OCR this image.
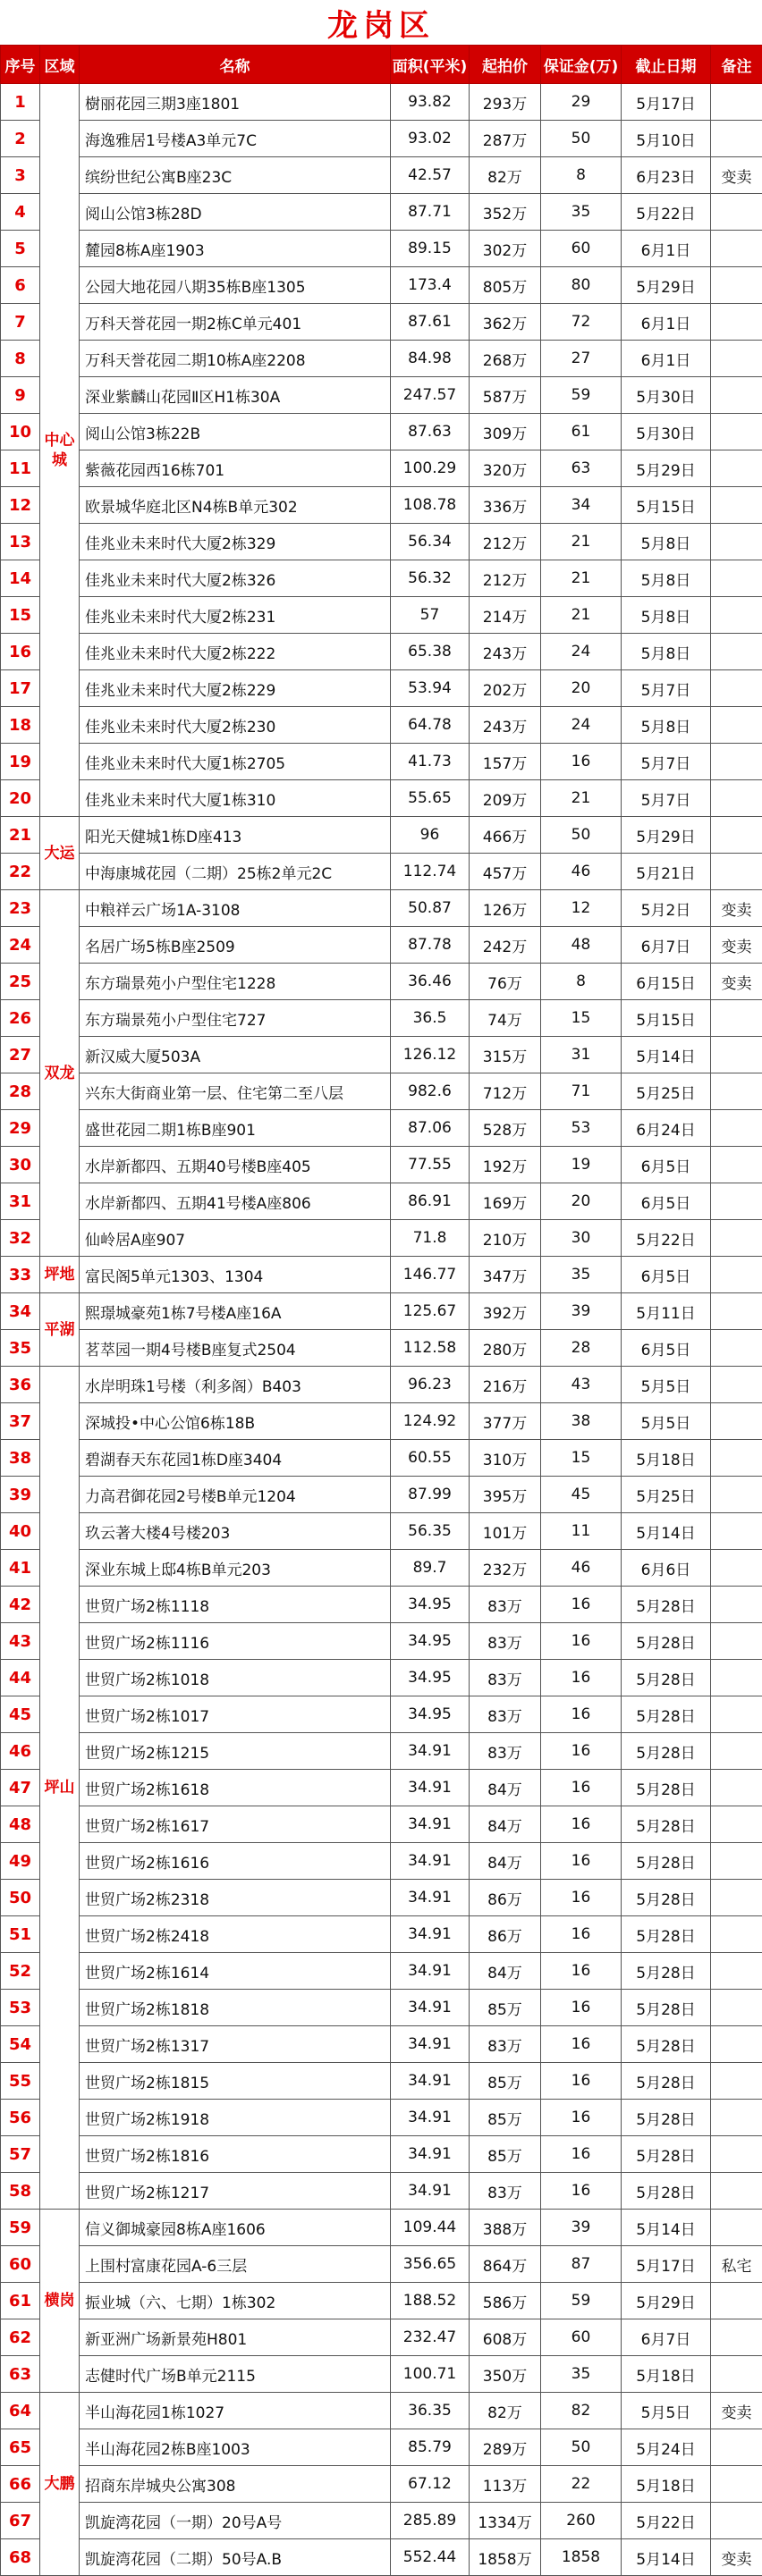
龙岗区
序号	区域	名称	面积(平米)	起拍价	保证金(万)	截止日期	备注
1	中心城	樹丽花园三期3座1801	93.82	293万	29	5月17日	
2		海逸雅居1号楼A3单元7C	93.02	287万	50	5月10日	
3		缤纷世纪公寓B座23C	42.57	82万	8	6月23日	变卖
4		阅山公馆3栋28D	87.71	352万	35	5月22日	
5		麓园8栋A座1903	89.15	302万	60	6月1日	
6		公园大地花园八期35栋B座1305	173.4	805万	80	5月29日	
7		万科天誉花园一期2栋C单元401	87.61	362万	72	6月1日	
8		万科天誉花园二期10栋A座2208	84.98	268万	27	6月1日	
9		深业紫麟山花园Ⅱ区H1栋30A	247.57	587万	59	5月30日	
10		阅山公馆3栋22B	87.63	309万	61	5月30日	
11		紫薇花园西16栋701	100.29	320万	63	5月29日	
12		欧景城华庭北区N4栋B单元302	108.78	336万	34	5月15日	
13		佳兆业未来时代大厦2栋329	56.34	212万	21	5月8日	
14		佳兆业未来时代大厦2栋326	56.32	212万	21	5月8日	
15		佳兆业未来时代大厦2栋231	57	214万	21	5月8日	
16		佳兆业未来时代大厦2栋222	65.38	243万	24	5月8日	
17		佳兆业未来时代大厦2栋229	53.94	202万	20	5月7日	
18		佳兆业未来时代大厦2栋230	64.78	243万	24	5月8日	
19		佳兆业未来时代大厦1栋2705	41.73	157万	16	5月7日	
20		佳兆业未来时代大厦1栋310	55.65	209万	21	5月7日	
21	大运	阳光天健城1栋D座413	96	466万	50	5月29日	
22		中海康城花园（二期）25栋2单元2C	112.74	457万	46	5月21日	
23	双龙	中粮祥云广场1A-3108	50.87	126万	12	5月2日	变卖
24		名居广场5栋B座2509	87.78	242万	48	6月7日	变卖
25		东方瑞景苑小户型住宅1228	36.46	76万	8	6月15日	变卖
26		东方瑞景苑小户型住宅727	36.5	74万	15	5月15日	
27		新汉威大厦503A	126.12	315万	31	5月14日	
28		兴东大街商业第一层、住宅第二至八层	982.6	712万	71	5月25日	
29		盛世花园二期1栋B座901	87.06	528万	53	6月24日	
30		水岸新都四、五期40号楼B座405	77.55	192万	19	6月5日	
31		水岸新都四、五期41号楼A座806	86.91	169万	20	6月5日	
32		仙岭居A座907	71.8	210万	30	5月22日	
33	坪地	富民阁5单元1303、1304	146.77	347万	35	6月5日	
34	平湖	熙璟城豪苑1栋7号楼A座16A	125.67	392万	39	5月11日	
35		茗萃园一期4号楼B座复式2504	112.58	280万	28	6月5日	
36	坪山	水岸明珠1号楼（利多阁）B403	96.23	216万	43	5月5日	
37		深城投•中心公馆6栋18B	124.92	377万	38	5月5日	
38		碧湖春天东花园1栋D座3404	60.55	310万	15	5月18日	
39		力高君御花园2号楼B单元1204	87.99	395万	45	5月25日	
40		玖云著大楼4号楼203	56.35	101万	11	5月14日	
41		深业东城上邸4栋B单元203	89.7	232万	46	6月6日	
42		世贸广场2栋1118	34.95	83万	16	5月28日	
43		世贸广场2栋1116	34.95	83万	16	5月28日	
44		世贸广场2栋1018	34.95	83万	16	5月28日	
45		世贸广场2栋1017	34.95	83万	16	5月28日	
46		世贸广场2栋1215	34.91	83万	16	5月28日	
47		世贸广场2栋1618	34.91	84万	16	5月28日	
48		世贸广场2栋1617	34.91	84万	16	5月28日	
49		世贸广场2栋1616	34.91	84万	16	5月28日	
50		世贸广场2栋2318	34.91	86万	16	5月28日	
51		世贸广场2栋2418	34.91	86万	16	5月28日	
52		世贸广场2栋1614	34.91	84万	16	5月28日	
53		世贸广场2栋1818	34.91	85万	16	5月28日	
54		世贸广场2栋1317	34.91	83万	16	5月28日	
55		世贸广场2栋1815	34.91	85万	16	5月28日	
56		世贸广场2栋1918	34.91	85万	16	5月28日	
57		世贸广场2栋1816	34.91	85万	16	5月28日	
58		世贸广场2栋1217	34.91	83万	16	5月28日	
59	横岗	信义御城豪园8栋A座1606	109.44	388万	39	5月14日	
60		上围村富康花园A-6三层	356.65	864万	87	5月17日	私宅
61		振业城（六、七期）1栋302	188.52	586万	59	5月29日	
62		新亚洲广场新景苑H801	232.47	608万	60	6月7日	
63		志健时代广场B单元2115	100.71	350万	35	5月18日	
64	大鹏	半山海花园1栋1027	36.35	82万	82	5月5日	变卖
65		半山海花园2栋B座1003	85.79	289万	50	5月24日	
66		招商东岸城央公寓308	67.12	113万	22	5月18日	
67		凯旋湾花园（一期）20号A号	285.89	1334万	260	5月22日	
68		凯旋湾花园（二期）50号A.B	552.44	1858万	1858	5月14日	变卖
